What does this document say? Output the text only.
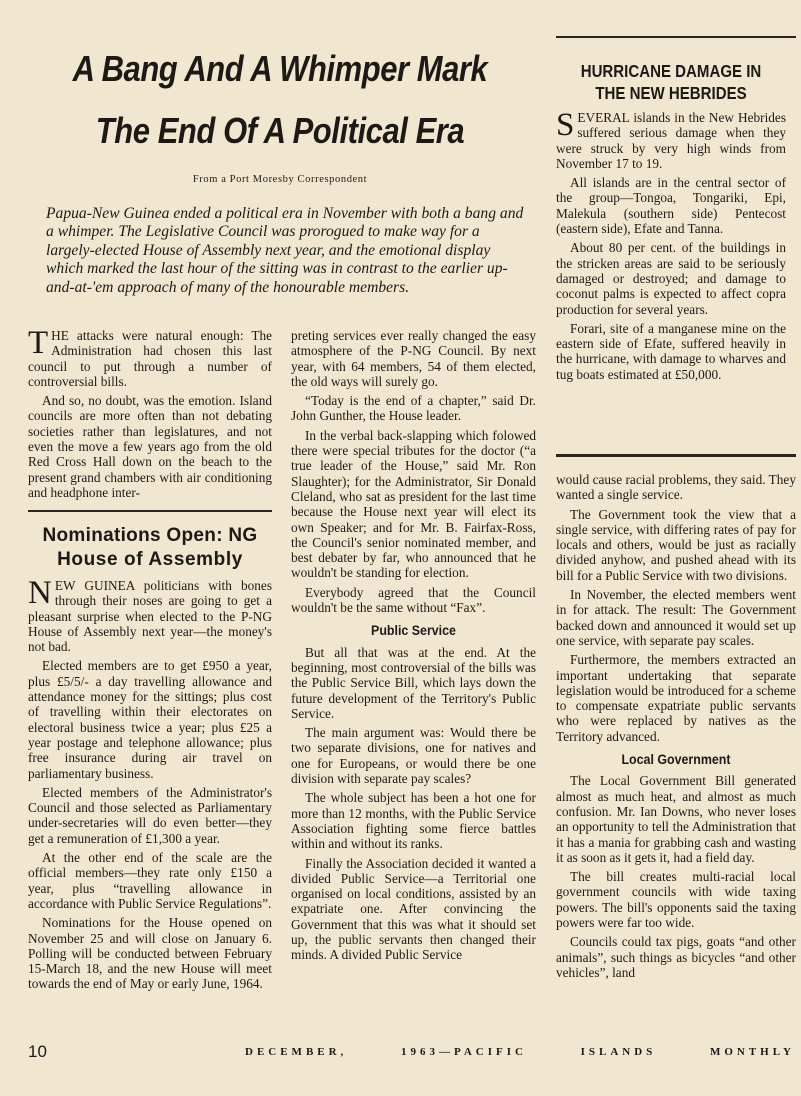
A Bang And A Whimper Mark
The End Of A Political Era
From a Port Moresby Correspondent
Papua-New Guinea ended a political era in November with both a bang and a whimper. The Legislative Council was prorogued to make way for a largely-elected House of Assembly next year, and the emotional display which marked the last hour of the sitting was in contrast to the earlier up-and-at-'em approach of many of the honourable members.

THE attacks were natural enough: The Administration had chosen this last council to put through a number of controversial bills.

And so, no doubt, was the emotion. Island councils are more often than not debating societies rather than legislatures, and not even the move a few years ago from the old Red Cross Hall down on the beach to the present grand chambers with air conditioning and headphone inter-

Nominations Open: NG
House of Assembly

NEW GUINEA politicians with bones through their noses are going to get a pleasant surprise when elected to the P-NG House of Assembly next year—the money's not bad.

Elected members are to get £950 a year, plus £5/5/- a day travelling allowance and attendance money for the sittings; plus cost of travelling within their electorates on electoral business twice a year; plus £25 a year postage and telephone allowance; plus free insurance during air travel on parliamentary business.

Elected members of the Administrator's Council and those selected as Parliamentary under-secretaries will do even better—they get a remuneration of £1,300 a year.

At the other end of the scale are the official members—they rate only £150 a year, plus “travelling allowance in accordance with Public Service Regulations”.

Nominations for the House opened on November 25 and will close on January 6. Polling will be conducted between February 15-March 18, and the new House will meet towards the end of May or early June, 1964.

preting services ever really changed the easy atmosphere of the P-NG Council. By next year, with 64 members, 54 of them elected, the old ways will surely go.

“Today is the end of a chapter,” said Dr. John Gunther, the House leader.

In the verbal back-slapping which folowed there were special tributes for the doctor (“a true leader of the House,” said Mr. Ron Slaughter); for the Administrator, Sir Donald Cleland, who sat as president for the last time because the House next year will elect its own Speaker; and for Mr. B. Fairfax-Ross, the Council's senior nominated member, and best debater by far, who announced that he wouldn't be standing for election.

Everybody agreed that the Council wouldn't be the same without “Fax”.

Public Service

But all that was at the end. At the beginning, most controversial of the bills was the Public Service Bill, which lays down the future development of the Territory's Public Service.

The main argument was: Would there be two separate divisions, one for natives and one for Europeans, or would there be one division with separate pay scales?

The whole subject has been a hot one for more than 12 months, with the Public Service Association fighting some fierce battles within and without its ranks.

Finally the Association decided it wanted a divided Public Service—a Territorial one organised on local conditions, assisted by an expatriate one. After convincing the Government that this was what it should set up, the public servants then changed their minds. A divided Public Service

HURRICANE DAMAGE IN
THE NEW HEBRIDES

SEVERAL islands in the New Hebrides suffered serious damage when they were struck by very high winds from November 17 to 19.

All islands are in the central sector of the group—Tongoa, Tongariki, Epi, Malekula (southern side) Pentecost (eastern side), Efate and Tanna.

About 80 per cent. of the buildings in the stricken areas are said to be seriously damaged or destroyed; and damage to coconut palms is expected to affect copra production for several years.

Forari, site of a manganese mine on the eastern side of Efate, suffered heavily in the hurricane, with damage to wharves and tug boats estimated at £50,000.

would cause racial problems, they said. They wanted a single service.

The Government took the view that a single service, with differing rates of pay for locals and others, would be just as racially divided anyhow, and pushed ahead with its bill for a Public Service with two divisions.

In November, the elected members went in for attack. The result: The Government backed down and announced it would set up one service, with separate pay scales.

Furthermore, the members extracted an important undertaking that separate legislation would be introduced for a scheme to compensate expatriate public servants who were replaced by natives as the Territory advanced.

Local Government

The Local Government Bill generated almost as much heat, and almost as much confusion. Mr. Ian Downs, who never loses an opportunity to tell the Administration that it has a mania for grabbing cash and wasting it as soon as it gets it, had a field day.

The bill creates multi-racial local government councils with wide taxing powers. The bill's opponents said the taxing powers were far too wide.

Councils could tax pigs, goats “and other animals”, such things as bicycles “and other vehicles”, land

10	DECEMBER, 1963—PACIFIC ISLANDS MONTHLY
